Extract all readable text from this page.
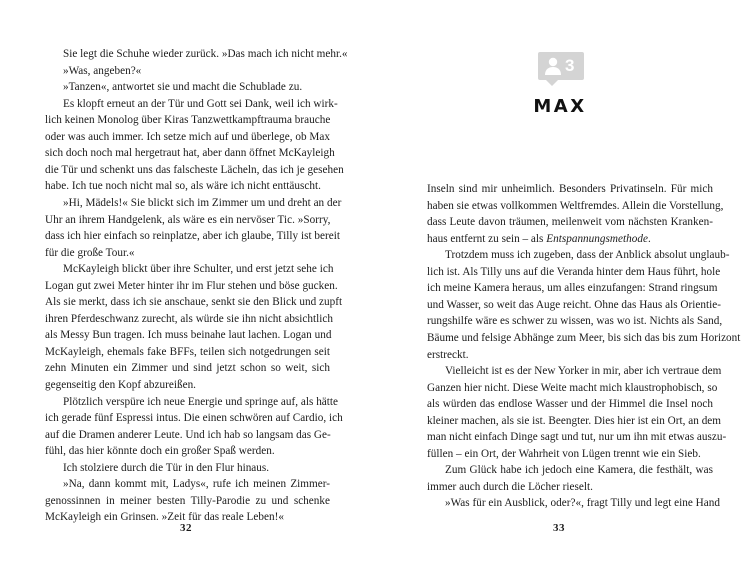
Sie legt die Schuhe wieder zurück. »Das mach ich nicht mehr.«
»Was, angeben?«
»Tanzen«, antwortet sie und macht die Schublade zu.
Es klopft erneut an der Tür und Gott sei Dank, weil ich wirk-
lich keinen Monolog über Kiras Tanzwettkampftrauma brauche
oder was auch immer. Ich setze mich auf und überlege, ob Max
sich doch noch mal hergetraut hat, aber dann öffnet McKayleigh
die Tür und schenkt uns das falscheste Lächeln, das ich je gesehen
habe. Ich tue noch nicht mal so, als wäre ich nicht enttäuscht.
»Hi, Mädels!« Sie blickt sich im Zimmer um und dreht an der
Uhr an ihrem Handgelenk, als wäre es ein nervöser Tic. »Sorry,
dass ich hier einfach so reinplatze, aber ich glaube, Tilly ist bereit
für die große Tour.«
McKayleigh blickt über ihre Schulter, und erst jetzt sehe ich
Logan gut zwei Meter hinter ihr im Flur stehen und böse gucken.
Als sie merkt, dass ich sie anschaue, senkt sie den Blick und zupft
ihren Pferdeschwanz zurecht, als würde sie ihn nicht absichtlich
als Messy Bun tragen. Ich muss beinahe laut lachen. Logan und
McKayleigh, ehemals fake BFFs, teilen sich notgedrungen seit
zehn Minuten ein Zimmer und sind jetzt schon so weit, sich
gegenseitig den Kopf abzureißen.
Plötzlich verspüre ich neue Energie und springe auf, als hätte
ich gerade fünf Espressi intus. Die einen schwören auf Cardio, ich
auf die Dramen anderer Leute. Und ich hab so langsam das Ge-
fühl, das hier könnte doch ein großer Spaß werden.
Ich stolziere durch die Tür in den Flur hinaus.
»Na, dann kommt mit, Ladys«, rufe ich meinen Zimmer-
genossinnen in meiner besten Tilly-Parodie zu und schenke
McKayleigh ein Grinsen. »Zeit für das reale Leben!«
32
3
MAX
Inseln sind mir unheimlich. Besonders Privatinseln. Für mich
haben sie etwas vollkommen Weltfremdes. Allein die Vorstellung,
dass Leute davon träumen, meilenweit vom nächsten Kranken-
haus entfernt zu sein – als Entspannungsmethode.
Trotzdem muss ich zugeben, dass der Anblick absolut unglaub-
lich ist. Als Tilly uns auf die Veranda hinter dem Haus führt, hole
ich meine Kamera heraus, um alles einzufangen: Strand ringsum
und Wasser, so weit das Auge reicht. Ohne das Haus als Orientie-
rungshilfe wäre es schwer zu wissen, was wo ist. Nichts als Sand,
Bäume und felsige Abhänge zum Meer, bis sich das bis zum Horizont
erstreckt.
Vielleicht ist es der New Yorker in mir, aber ich vertraue dem
Ganzen hier nicht. Diese Weite macht mich klaustrophobisch, so
als würden das endlose Wasser und der Himmel die Insel noch
kleiner machen, als sie ist. Beengter. Dies hier ist ein Ort, an dem
man nicht einfach Dinge sagt und tut, nur um ihn mit etwas auszu-
füllen – ein Ort, der Wahrheit von Lügen trennt wie ein Sieb.
Zum Glück habe ich jedoch eine Kamera, die festhält, was
immer auch durch die Löcher rieselt.
»Was für ein Ausblick, oder?«, fragt Tilly und legt eine Hand
33
